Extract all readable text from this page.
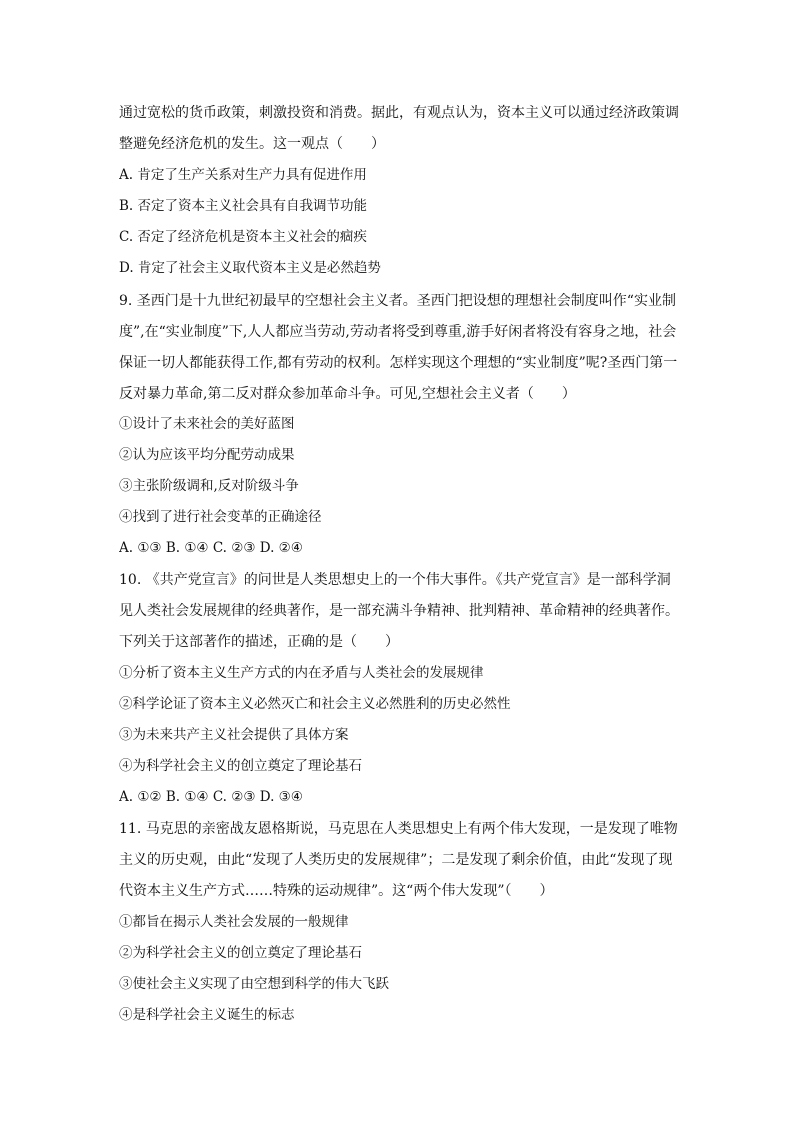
通过宽松的货币政策，刺激投资和消费。据此，有观点认为，资本主义可以通过经济政策调
整避免经济危机的发生。这一观点（　　）
A. 肯定了生产关系对生产力具有促进作用
B. 否定了资本主义社会具有自我调节功能
C. 否定了经济危机是资本主义社会的痼疾
D. 肯定了社会主义取代资本主义是必然趋势
9. 圣西门是十九世纪初最早的空想社会主义者。圣西门把设想的理想社会制度叫作“实业制
度”,在“实业制度”下,人人都应当劳动,劳动者将受到尊重,游手好闲者将没有容身之地，社会
保证一切人都能获得工作,都有劳动的权利。怎样实现这个理想的“实业制度”呢?圣西门第一
反对暴力革命,第二反对群众参加革命斗争。可见,空想社会主义者（　　）
①设计了未来社会的美好蓝图
②认为应该平均分配劳动成果
③主张阶级调和,反对阶级斗争
④找到了进行社会变革的正确途径
A. ①③ B. ①④ C. ②③ D. ②④
10. 《共产党宣言》的问世是人类思想史上的一个伟大事件。《共产党宣言》是一部科学洞
见人类社会发展规律的经典著作，是一部充满斗争精神、批判精神、革命精神的经典著作。
下列关于这部著作的描述，正确的是（　　）
①分析了资本主义生产方式的内在矛盾与人类社会的发展规律
②科学论证了资本主义必然灭亡和社会主义必然胜利的历史必然性
③为未来共产主义社会提供了具体方案
④为科学社会主义的创立奠定了理论基石
A. ①② B. ①④ C. ②③ D. ③④
11. 马克思的亲密战友恩格斯说，马克思在人类思想史上有两个伟大发现，一是发现了唯物
主义的历史观，由此“发现了人类历史的发展规律”；二是发现了剩余价值，由此“发现了现
代资本主义生产方式……特殊的运动规律”。这“两个伟大发现”（　　）
①都旨在揭示人类社会发展的一般规律
②为科学社会主义的创立奠定了理论基石
③使社会主义实现了由空想到科学的伟大飞跃
④是科学社会主义诞生的标志
